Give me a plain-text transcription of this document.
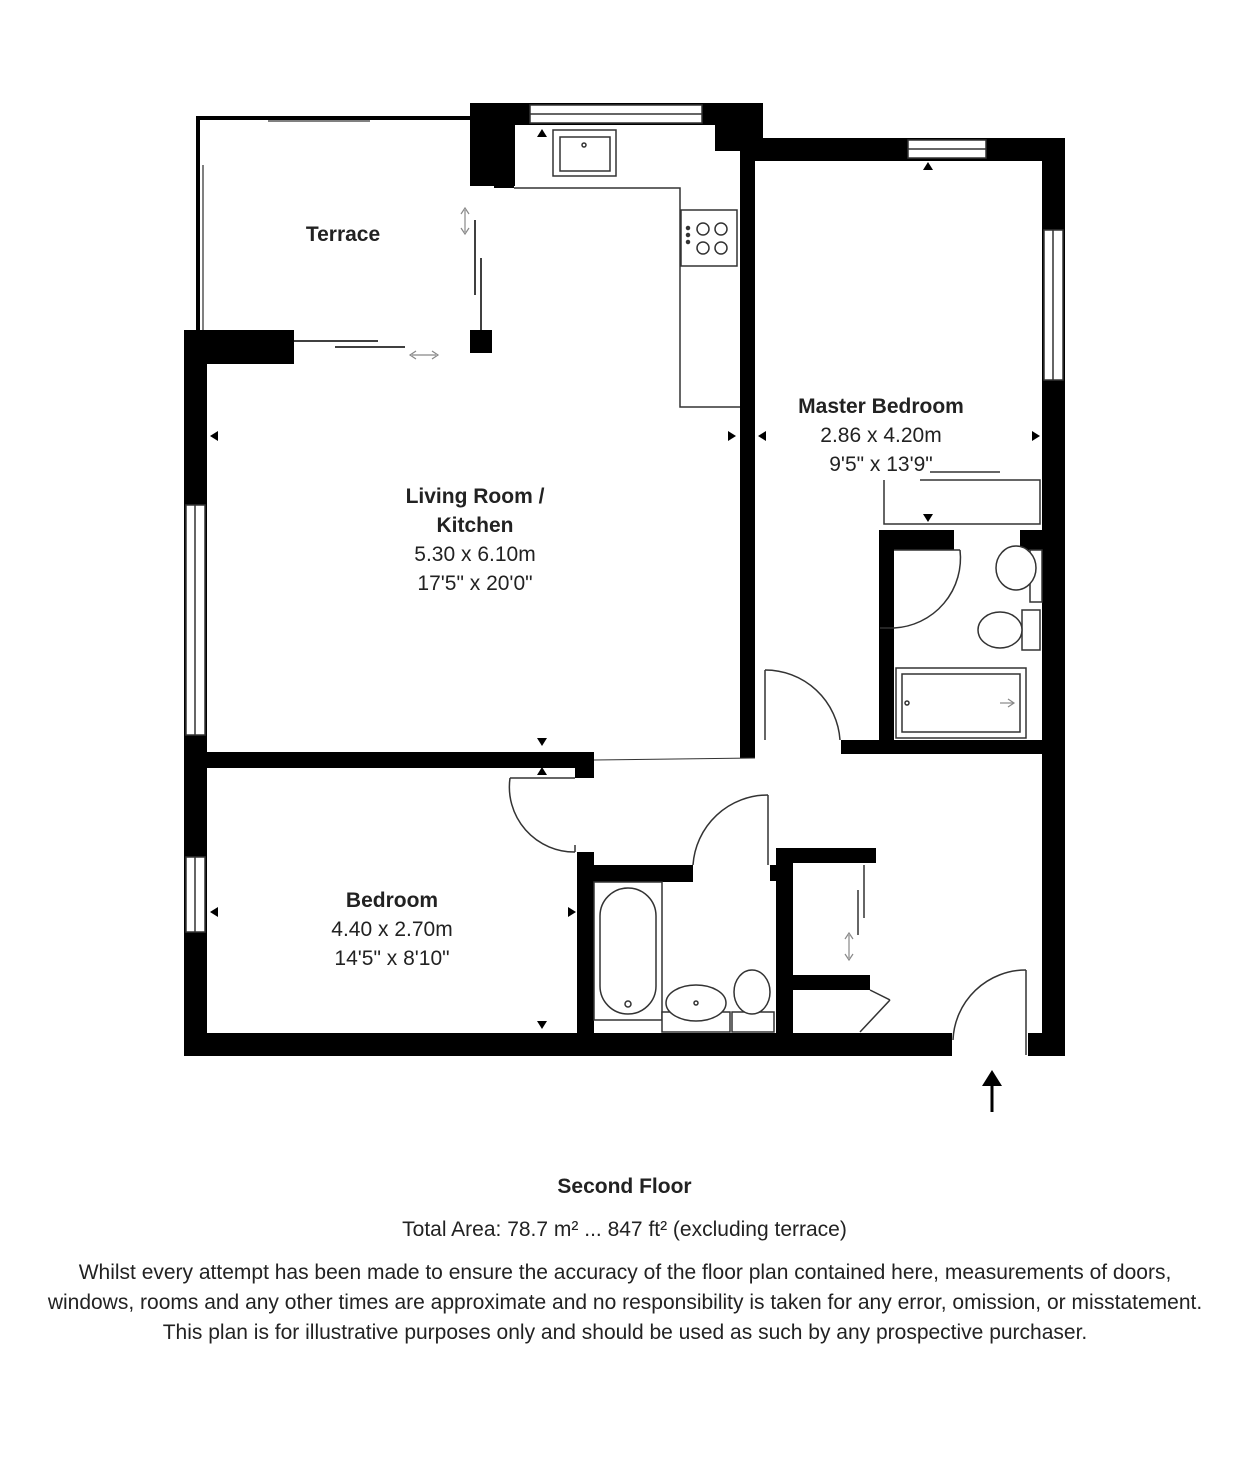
Terrace
Master Bedroom
2.86 x 4.20m
9'5" x 13'9"
Living Room /
Kitchen
5.30 x 6.10m
17'5" x 20'0"
Bedroom
4.40 x 2.70m
14'5" x 8'10"
Second Floor
Total Area: 78.7 m² ... 847 ft² (excluding terrace)
Whilst every attempt has been made to ensure the accuracy of the floor plan contained here, measurements of doors, windows, rooms and any other times are approximate and no responsibility is taken for any error, omission, or misstatement. This plan is for illustrative purposes only and should be used as such by any prospective purchaser.
